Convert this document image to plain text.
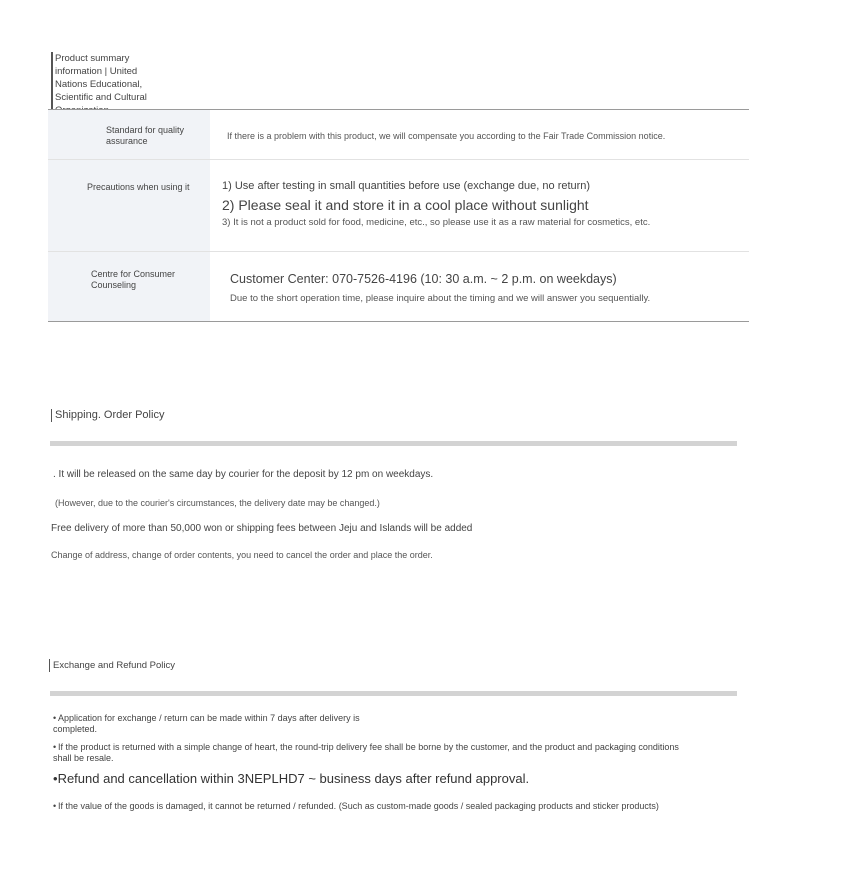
Product summary information | United Nations Educational, Scientific and Cultural
Standard for quality assurance	If there is a problem with this product, we will compensate you according to the Fair Trade Commission notice.
Precautions when using it	1) Use after testing in small quantities before use (exchange due, no return)
2) Please seal it and store it in a cool place without sunlight
3) It is not a product sold for food, medicine, etc., so please use it as a raw material for cosmetics, etc.

Centre for Consumer Counseling	Customer Center: 070-7526-4196 (10: 30 a.m. ~ 2 p.m. on weekdays)
Due to the short operation time, please inquire about the timing and we will answer you sequentially.
Shipping. Order Policy
. It will be released on the same day by courier for the deposit by 12 pm on weekdays.
(However, due to the courier's circumstances, the delivery date may be changed.)
Free delivery of more than 50,000 won or shipping fees between Jeju and Islands will be added
Change of address, change of order contents, you need to cancel the order and place the order.
Exchange and Refund Policy
• Application for exchange / return can be made within 7 days after delivery is completed.
• If the product is returned with a simple change of heart, the round-trip delivery fee shall be borne by the customer, and the product and packaging conditions shall be resale.
•Refund and cancellation within 3NEPLHD7 ~ business days after refund approval.
• If the value of the goods is damaged, it cannot be returned / refunded. (Such as custom-made goods / sealed packaging products and sticker products)
